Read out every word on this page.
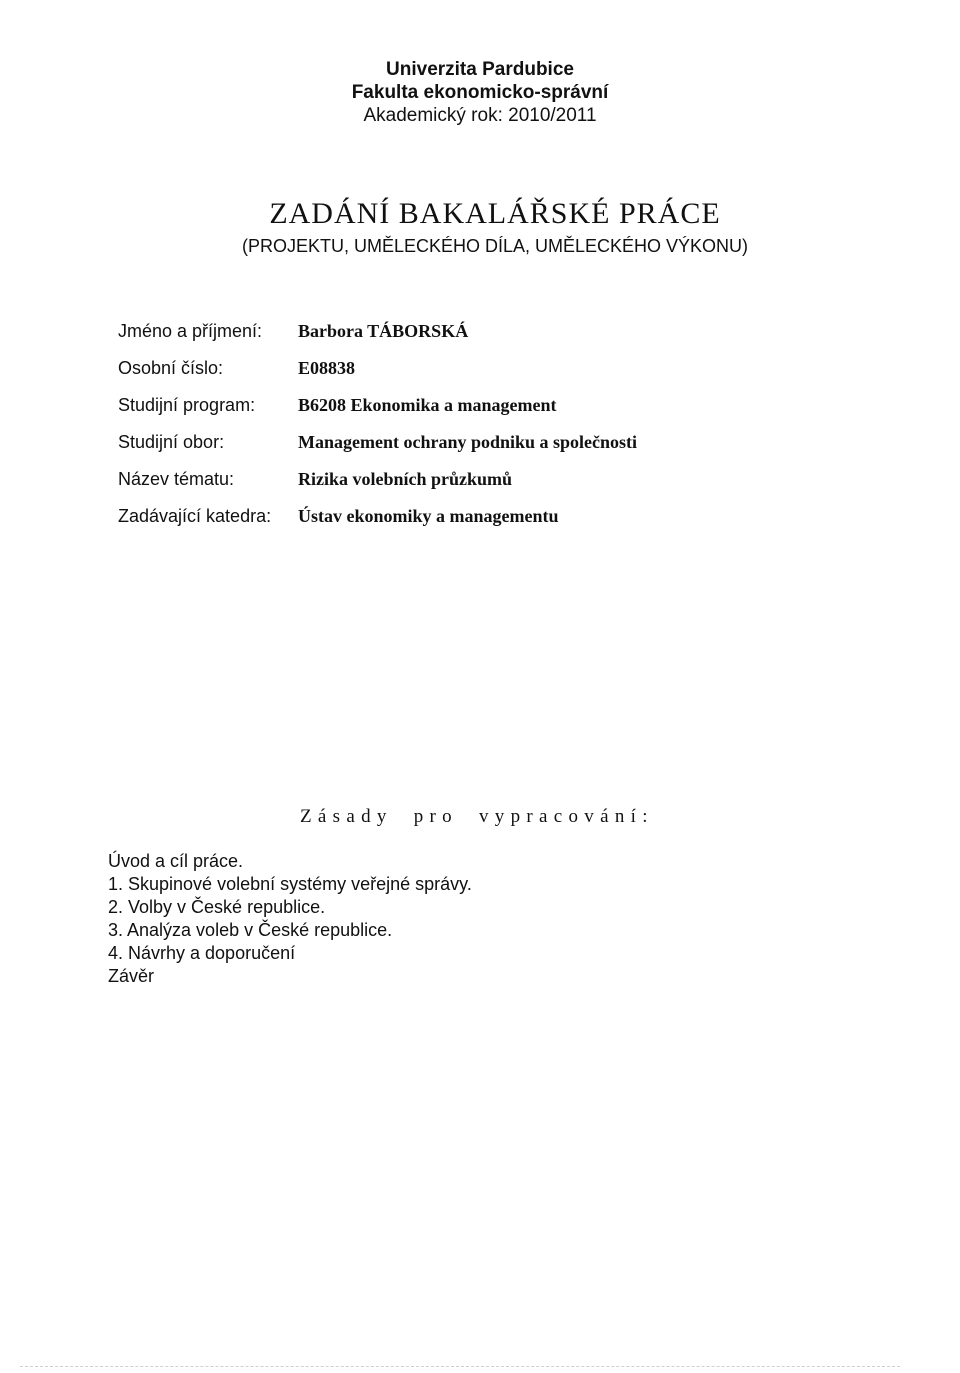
Univerzita Pardubice
Fakulta ekonomicko-správní
Akademický rok: 2010/2011
ZADÁNÍ BAKALÁŘSKÉ PRÁCE
(PROJEKTU, UMĚLECKÉHO DÍLA, UMĚLECKÉHO VÝKONU)
Jméno a příjmení:	Barbora TÁBORSKÁ
Osobní číslo:	E08838
Studijní program:	B6208 Ekonomika a management
Studijní obor:	Management ochrany podniku a společnosti
Název tématu:	Rizika volebních průzkumů
Zadávající katedra:	Ústav ekonomiky a managementu
Zásady pro vypracování:
Úvod a cíl práce.
1. Skupinové volební systémy veřejné správy.
2. Volby v České republice.
3. Analýza voleb v České republice.
4. Návrhy a doporučení
Závěr
